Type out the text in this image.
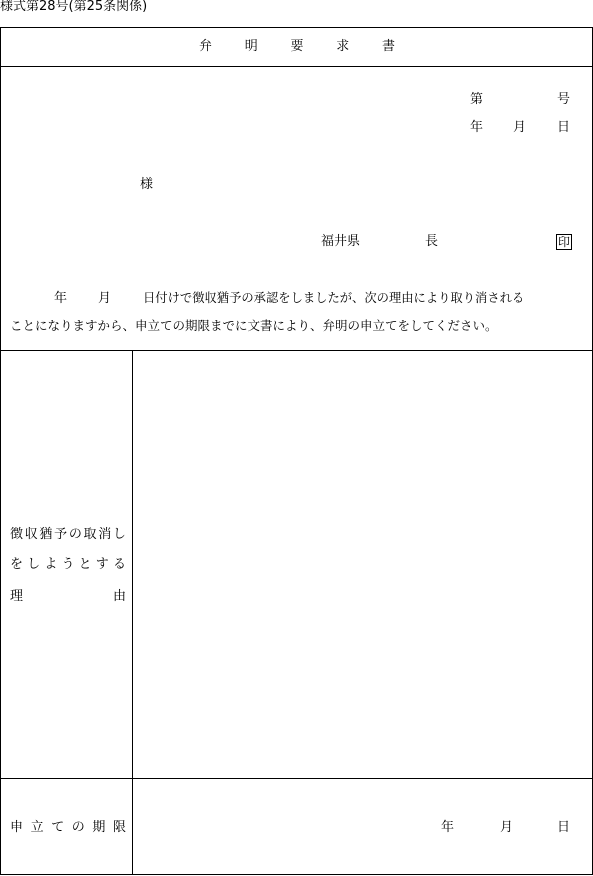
様式第28号(第25条関係)
弁	明	要	求	書
第	号
年 月 日
様
福井県	長	印
年 月	日付けで徴収猶予の承認をしましたが、次の理由により取り消される
ことになりますから、申立ての期限までに文書により、弁明の申立てをしてください。
徴 収 猶 予 の 取 消 し
を し よ う と す る
理	由
申 立 て の 期 限	年	月	日
